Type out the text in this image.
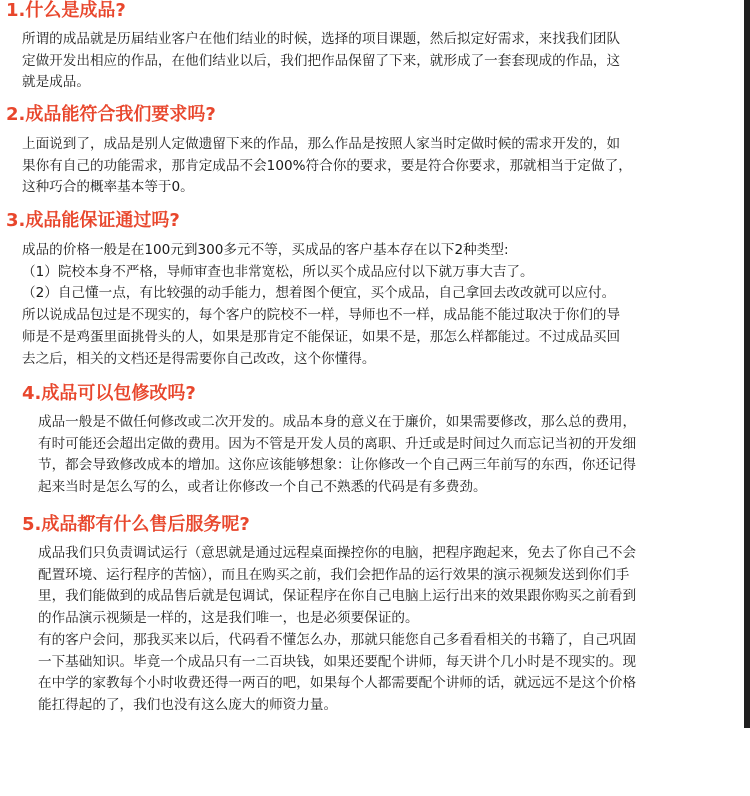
1.什么是成品?
所谓的成品就是历届结业客户在他们结业的时候，选择的项目课题，然后拟定好需求，来找我们团队
定做开发出相应的作品，在他们结业以后，我们把作品保留了下来，就形成了一套套现成的作品，这
就是成品。
2.成品能符合我们要求吗?
上面说到了，成品是别人定做遗留下来的作品，那么作品是按照人家当时定做时候的需求开发的，如
果你有自己的功能需求，那肯定成品不会100%符合你的要求，要是符合你要求，那就相当于定做了，
这种巧合的概率基本等于0。
3.成品能保证通过吗?
成品的价格一般是在100元到300多元不等，买成品的客户基本存在以下2种类型:
（1）院校本身不严格，导师审查也非常宽松，所以买个成品应付以下就万事大吉了。
（2）自己懂一点，有比较强的动手能力，想着图个便宜，买个成品，自己拿回去改改就可以应付。
所以说成品包过是不现实的，每个客户的院校不一样，导师也不一样，成品能不能过取决于你们的导
师是不是鸡蛋里面挑骨头的人，如果是那肯定不能保证，如果不是，那怎么样都能过。不过成品买回
去之后，相关的文档还是得需要你自己改改，这个你懂得。
4.成品可以包修改吗?
成品一般是不做任何修改或二次开发的。成品本身的意义在于廉价，如果需要修改，那么总的费用，
有时可能还会超出定做的费用。因为不管是开发人员的离职、升迁或是时间过久而忘记当初的开发细
节，都会导致修改成本的增加。这你应该能够想象：让你修改一个自己两三年前写的东西，你还记得
起来当时是怎么写的么，或者让你修改一个自己不熟悉的代码是有多费劲。
5.成品都有什么售后服务呢?
成品我们只负责调试运行（意思就是通过远程桌面操控你的电脑，把程序跑起来，免去了你自己不会
配置环境、运行程序的苦恼），而且在购买之前，我们会把作品的运行效果的演示视频发送到你们手
里，我们能做到的成品售后就是包调试，保证程序在你自己电脑上运行出来的效果跟你购买之前看到
的作品演示视频是一样的，这是我们唯一，也是必须要保证的。
有的客户会问，那我买来以后，代码看不懂怎么办，那就只能您自己多看看相关的书籍了，自己巩固
一下基础知识。毕竟一个成品只有一二百块钱，如果还要配个讲师，每天讲个几小时是不现实的。现
在中学的家教每个小时收费还得一两百的吧，如果每个人都需要配个讲师的话，就远远不是这个价格
能扛得起的了，我们也没有这么庞大的师资力量。
